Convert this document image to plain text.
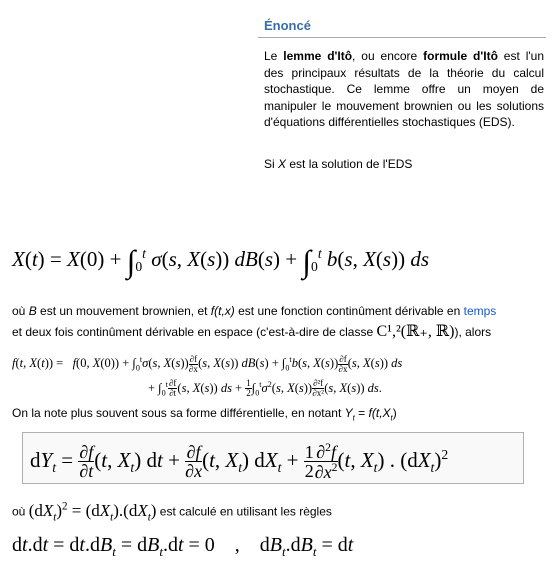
Énoncé
Le lemme d'Itô, ou encore formule d'Itô est l'un des principaux résultats de la théorie du calcul stochastique. Ce lemme offre un moyen de manipuler le mouvement brownien ou les solutions d'équations différentielles stochastiques (EDS).
Si X est la solution de l'EDS
$X(t) = X(0) + \int_0^t$ σ(s, X(s)) $dB(s) + \int_0^t$ b(s, X(s)) ds
où B est un mouvement brownien, et f(t,x) est une fonction continûment dérivable en temps
et deux fois continûment dérivable en espace (c'est-à-dire de classe C¹,²(ℝ₊, ℝ)), alors
f(t, X(t)) =   f(0, $X(0)) + \int_0^t\sigma(s$, $X(s)) \frac{\partial f}{\partial x} (s$, X(s)) $dB(s) + \int_0^tb(s$, $X(s)) \frac{\partial f}{\partial x} (s$, X(s)) ds
+ $\int_0^t \frac{\partial f}{\partial t} (s$, X(s)) ds + $\frac{1}{2} \int_0^t\sigma^2(s$, $X(s)) \frac{\text{∂²f}}{\text{∂x²}} (s$, X(s)) ds.
On la note plus souvent sous sa forme différentielle, en notant $Y_t = f(t,X_t)$
$dY_t = \frac{\partial f}{\partial t} (t$, $X_t$) dt + $\frac{\partial f}{\partial x} (t$, $X_t$) $dX_t + \frac{1}{2} \frac{\partial^2f}{\partial x^2} (t$, $X_t$) . $(dX_t)^2$
où $(dX_t)^2 = (dX_t).(dX_t)$ est calculé en utilisant les règles
$dt.dt = dt.dB_t = dB_t.dt = 0$    ,    $dB_t.dB_t$ = dt
